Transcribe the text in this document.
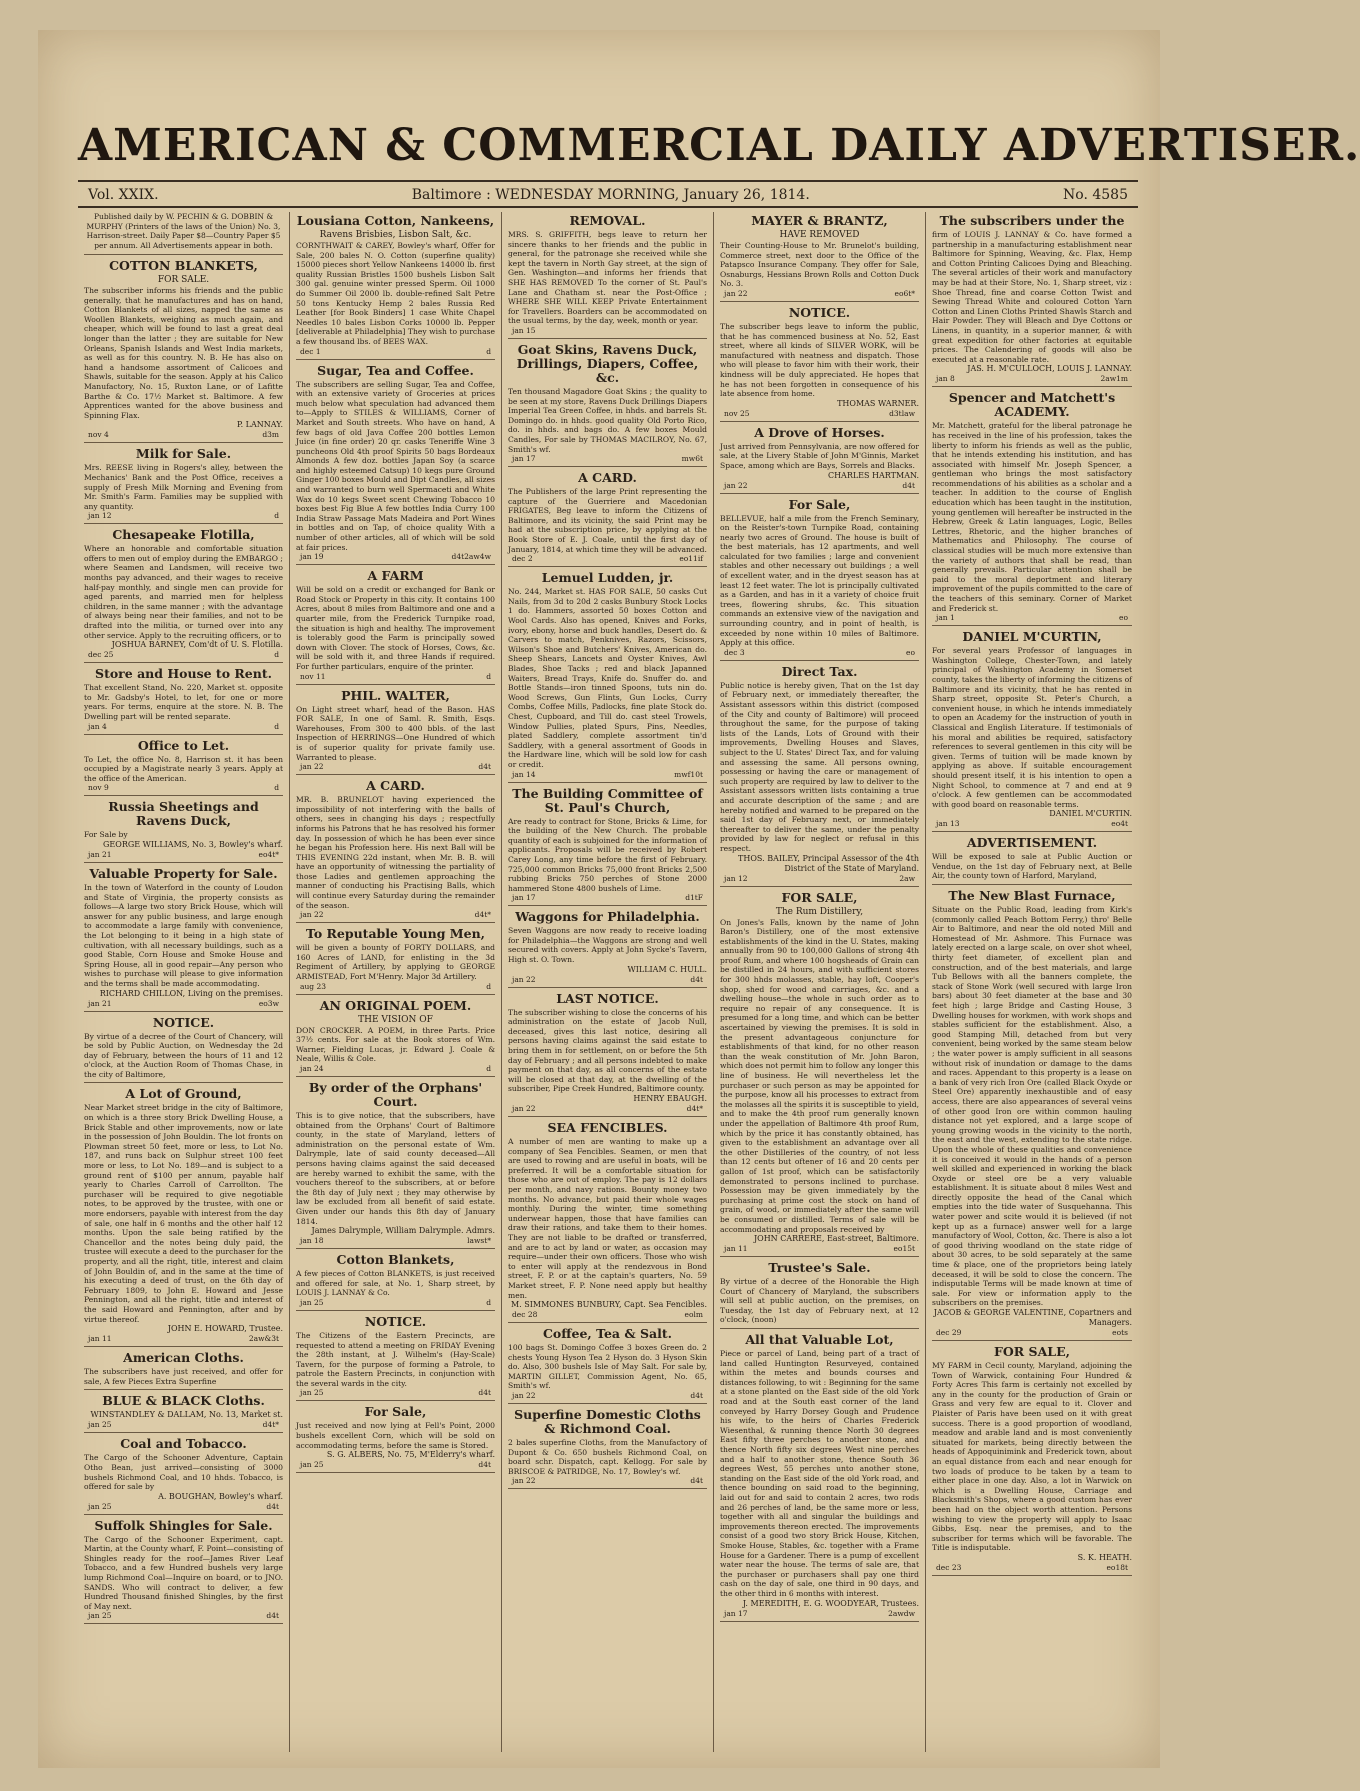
AMERICAN & COMMERCIAL DAILY ADVERTISER.
Vol. XXIX.	Baltimore : WEDNESDAY MORNING, January 26, 1814.	No. 4585
Published daily by W. PECHIN & G. DOBBIN & MURPHY (Printers of the laws of the Union) No. 3, Harrison-street. Daily Paper $8—Country Paper $5 per annum. All Advertisements appear in both.
COTTON BLANKETS,
FOR SALE.
The subscriber informs his friends and the public generally, that he manufactures and has on hand, Cotton Blankets of all sizes, napped the same as Woollen Blankets, weighing as much again, and cheaper, which will be found to last a great deal longer than the latter ; they are suitable for New Orleans, Spanish Islands and West India markets, as well as for this country. N. B. He has also on hand a handsome assortment of Calicoes and Shawls, suitable for the season. Apply at his Calico Manufactory, No. 15, Ruxton Lane, or of Lafitte Barthe & Co. 17½ Market st. Baltimore. A few Apprentices wanted for the above business and Spinning Flax.
P. LANNAY.
nov 4	d3m
Milk for Sale.
Mrs. REESE living in Rogers's alley, between the Mechanics' Bank and the Post Office, receives a supply of Fresh Milk Morning and Evening from Mr. Smith's Farm. Families may be supplied with any quantity.
jan 12	d
Chesapeake Flotilla,
Where an honorable and comfortable situation offers to men out of employ during the EMBARGO ; where Seamen and Landsmen, will receive two months pay advanced, and their wages to receive half-pay monthly, and single men can provide for aged parents, and married men for helpless children, in the same manner ; with the advantage of always being near their families, and not to be drafted into the militia, or turned over into any other service. Apply to the recruiting officers, or to
JOSHUA BARNEY, Com'dt of U. S. Flotilla.
dec 25	d
Store and House to Rent.
That excellent Stand, No. 220, Market st. opposite to Mr. Gadsby's Hotel, to let, for one or more years. For terms, enquire at the store. N. B. The Dwelling part will be rented separate.
jan 4	d
Office to Let.
To Let, the office No. 8, Harrison st. it has been occupied by a Magistrate nearly 3 years. Apply at the office of the American.
nov 9	d
Russia Sheetings and Ravens Duck,
For Sale by
GEORGE WILLIAMS, No. 3, Bowley's wharf.
jan 21	eo4t*
Valuable Property for Sale.
In the town of Waterford in the county of Loudon and State of Virginia, the property consists as follows—A large two story Brick House, which will answer for any public business, and large enough to accommodate a large family with convenience, the Lot belonging to it being in a high state of cultivation, with all necessary buildings, such as a good Stable, Corn House and Smoke House and Spring House, all in good repair—Any person who wishes to purchase will please to give information and the terms shall be made accommodating.
RICHARD CHILLON, Living on the premises.
jan 21	eo3w
NOTICE.
By virtue of a decree of the Court of Chancery, will be sold by Public Auction, on Wednesday the 2d day of February, between the hours of 11 and 12 o'clock, at the Auction Room of Thomas Chase, in the city of Baltimore,
A Lot of Ground,
Near Market street bridge in the city of Baltimore, on which is a three story Brick Dwelling House, a Brick Stable and other improvements, now or late in the possession of John Bouldin. The lot fronts on Plowman street 50 feet, more or less, to Lot No. 187, and runs back on Sulphur street 100 feet more or less, to Lot No. 189—and is subject to a ground rent of $100 per annum, payable half yearly to Charles Carroll of Carrollton. The purchaser will be required to give negotiable notes, to be approved by the trustee, with one or more endorsers, payable with interest from the day of sale, one half in 6 months and the other half 12 months. Upon the sale being ratified by the Chancellor and the notes being duly paid, the trustee will execute a deed to the purchaser for the property, and all the right, title, interest and claim of John Bouldin of, and in the same at the time of his executing a deed of trust, on the 6th day of February 1809, to John E. Howard and Jesse Pennington, and all the right, title and interest of the said Howard and Pennington, after and by virtue thereof.
JOHN E. HOWARD, Trustee.
jan 11	2aw&3t
American Cloths.
The subscribers have just received, and offer for sale, A few Pieces Extra Superfine
BLUE & BLACK Cloths.
WINSTANDLEY & DALLAM, No. 13, Market st.
jan 25	d4t*
Coal and Tobacco.
The Cargo of the Schooner Adventure, Captain Otho Bean, just arrived—consisting of 3000 bushels Richmond Coal, and 10 hhds. Tobacco, is offered for sale by
A. BOUGHAN, Bowley's wharf.
jan 25	d4t
Suffolk Shingles for Sale.
The Cargo of the Schooner Experiment, capt. Martin, at the County wharf, F. Point—consisting of Shingles ready for the roof—James River Leaf Tobacco, and a few Hundred bushels very large lump Richmond Coal—Inquire on board, or to JNO. SANDS. Who will contract to deliver, a few Hundred Thousand finished Shingles, by the first of May next.
jan 25	d4t
Lousiana Cotton, Nankeens,
Ravens Brisbies, Lisbon Salt, &c.
CORNTHWAIT & CAREY, Bowley's wharf, Offer for Sale, 200 bales N. O. Cotton (superfine quality) 15000 pieces short Yellow Nankeens 14000 lb. first quality Russian Bristles 1500 bushels Lisbon Salt 300 gal. genuine winter pressed Sperm. Oil 1000 do Summer Oil 2000 lb. double-refined Salt Petre 50 tons Kentucky Hemp 2 bales Russia Red Leather [for Book Binders] 1 case White Chapel Needles 10 bales Lisbon Corks 10000 lb. Pepper [deliverable at Philadelphia] They wish to purchase a few thousand lbs. of BEES WAX.
dec 1	d
Sugar, Tea and Coffee.
The subscribers are selling Sugar, Tea and Coffee, with an extensive variety of Groceries at prices much below what speculation had advanced them to—Apply to STILES & WILLIAMS, Corner of Market and South streets. Who have on hand, A few bags of old Java Coffee 200 bottles Lemon Juice (in fine order) 20 qr. casks Teneriffe Wine 3 puncheons Old 4th proof Spirits 50 bags Bordeaux Almonds A few doz. bottles Japan Soy (a scarce and highly esteemed Catsup) 10 kegs pure Ground Ginger 100 boxes Mould and Dipt Candles, all sizes and warranted to burn well Spermaceti and White Wax do 10 kegs Sweet scent Chewing Tobacco 10 boxes best Fig Blue A few bottles India Curry 100 India Straw Passage Mats Madeira and Port Wines in bottles and on Tap, of choice quality With a number of other articles, all of which will be sold at fair prices.
jan 19	d4t2aw4w
A FARM
Will be sold on a credit or exchanged for Bank or Road Stock or Property in this city. It contains 100 Acres, about 8 miles from Baltimore and one and a quarter mile, from the Frederick Turnpike road, the situation is high and healthy. The improvement is tolerably good the Farm is principally sowed down with Clover. The stock of Horses, Cows, &c. will be sold with it, and three Hands if required. For further particulars, enquire of the printer.
nov 11	d
PHIL. WALTER,
On Light street wharf, head of the Bason. HAS FOR SALE, In one of Saml. R. Smith, Esqs. Warehouses, From 300 to 400 bbls. of the last Inspection of HERRINGS—One Hundred of which is of superior quality for private family use. Warranted to please.
jan 22	d4t
A CARD.
MR. B. BRUNELOT having experienced the impossibility of not interfering with the balls of others, sees in changing his days ; respectfully informs his Patrons that he has resolved his former day. In possession of which he has been ever since he began his Profession here. His next Ball will be THIS EVENING 22d instant, when Mr. B. B. will have an opportunity of witnessing the partiality of those Ladies and gentlemen approaching the manner of conducting his Practising Balls, which will continue every Saturday during the remainder of the season.
jan 22	d4t*
To Reputable Young Men,
will be given a bounty of FORTY DOLLARS, and 160 Acres of LAND, for enlisting in the 3d Regiment of Artillery, by applying to GEORGE ARMISTEAD, Fort M'Henry. Major 3d Artillery.
aug 23	d
AN ORIGINAL POEM.
THE VISION OF
DON CROCKER. A POEM, in three Parts. Price 37½ cents. For sale at the Book stores of Wm. Warner, Fielding Lucas, jr. Edward J. Coale & Neale, Willis & Cole.
jan 24	d
By order of the Orphans' Court.
This is to give notice, that the subscribers, have obtained from the Orphans' Court of Baltimore county, in the state of Maryland, letters of administration on the personal estate of Wm. Dalrymple, late of said county deceased—All persons having claims against the said deceased are hereby warned to exhibit the same, with the vouchers thereof to the subscribers, at or before the 8th day of July next ; they may otherwise by law be excluded from all benefit of said estate. Given under our hands this 8th day of January 1814.
James Dalrymple, William Dalrymple. Admrs.
jan 18	lawst*
Cotton Blankets,
A few pieces of Cotton BLANKETS, is just received and offered for sale, at No. 1, Sharp street, by LOUIS J. LANNAY & Co.
jan 25	d
NOTICE.
The Citizens of the Eastern Precincts, are requested to attend a meeting on FRIDAY Evening the 28th instant, at J. Wilhelm's (Hay-Scale) Tavern, for the purpose of forming a Patrole, to patrole the Eastern Precincts, in conjunction with the several wards in the city.
jan 25	d4t
For Sale,
Just received and now lying at Fell's Point, 2000 bushels excellent Corn, which will be sold on accommodating terms, before the same is Stored.
S. G. ALBERS, No. 75, M'Elderry's wharf.
jan 25	d4t
REMOVAL.
MRS. S. GRIFFITH, begs leave to return her sincere thanks to her friends and the public in general, for the patronage she received while she kept the tavern in North Gay street, at the sign of Gen. Washington—and informs her friends that SHE HAS REMOVED To the corner of St. Paul's Lane and Chatham st. near the Post-Office ; WHERE SHE WILL KEEP Private Entertainment for Travellers. Boarders can be accommodated on the usual terms, by the day, week, month or year.
jan 15
Goat Skins, Ravens Duck, Drillings, Diapers, Coffee, &c.
Ten thousand Magadore Goat Skins ; the quality to be seen at my store, Ravens Duck Drillings Diapers Imperial Tea Green Coffee, in hhds. and barrels St. Domingo do. in hhds. good quality Old Porto Rico, do. in hhds. and bags do. A few boxes Mould Candles, For sale by THOMAS MACILROY, No. 67, Smith's wf.
jan 17	mw6t
A CARD.
The Publishers of the large Print representing the capture of the Guerriere and Macedonian FRIGATES, Beg leave to inform the Citizens of Baltimore, and its vicinity, the said Print may be had at the subscription price, by applying at the Book Store of E. J. Coale, until the first day of January, 1814, at which time they will be advanced.
dec 2	eo11if
Lemuel Ludden, jr.
No. 244, Market st. HAS FOR SALE, 50 casks Cut Nails, from 3d to 20d 2 casks Bunbury Stock Locks 1 do. Hammers, assorted 50 boxes Cotton and Wool Cards. Also has opened, Knives and Forks, ivory, ebony, horse and buck handles, Desert do. & Carvers to match, Penknives, Razors, Scissors, Wilson's Shoe and Butchers' Knives, American do. Sheep Shears, Lancets and Oyster Knives, Awl Blades, Shoe Tacks ; red and black Japanned Waiters, Bread Trays, Knife do. Snuffer do. and Bottle Stands—iron tinned Spoons, tuts nin do. Wood Screws, Gun Flints, Gun Locks, Curry Combs, Coffee Mills, Padlocks, fine plate Stock do. Chest, Cupboard, and Till do. cast steel Trowels, Window Pullies, plated Spurs, Pins, Needles, plated Saddlery, complete assortment tin'd Saddlery, with a general assortment of Goods in the Hardware line, which will be sold low for cash or credit.
jan 14	mwf10t
The Building Committee of St. Paul's Church,
Are ready to contract for Stone, Bricks & Lime, for the building of the New Church. The probable quantity of each is subjoined for the information of applicants. Proposals will be received by Robert Carey Long, any time before the first of February. 725,000 common Bricks 75,000 front Bricks 2,500 rubbing Bricks 750 perches of Stone 2000 hammered Stone 4800 bushels of Lime.
jan 17	d1tF
Waggons for Philadelphia.
Seven Waggons are now ready to receive loading for Philadelphia—the Waggons are strong and well secured with covers. Apply at John Sycke's Tavern, High st. O. Town.
WILLIAM C. HULL.
jan 22	d4t
LAST NOTICE.
The subscriber wishing to close the concerns of his administration on the estate of Jacob Null, deceased, gives this last notice, desiring all persons having claims against the said estate to bring them in for settlement, on or before the 5th day of February ; and all persons indebted to make payment on that day, as all concerns of the estate will be closed at that day, at the dwelling of the subscriber, Pipe Creek Hundred, Baltimore county.
HENRY EBAUGH.
jan 22	d4t*
SEA FENCIBLES.
A number of men are wanting to make up a company of Sea Fencibles. Seamen, or men that are used to rowing and are useful in boats, will be preferred. It will be a comfortable situation for those who are out of employ. The pay is 12 dollars per month, and navy rations. Bounty money two months. No advance, but paid their whole wages monthly. During the winter, time something underwear happen, those that have families can draw their rations, and take them to their homes. They are not liable to be drafted or transferred, and are to act by land or water, as occasion may require—under their own officers. Those who wish to enter will apply at the rendezvous in Bond street, F. P. or at the captain's quarters, No. 59 Market street, F. P. None need apply but healthy men.
M. SIMMONES BUNBURY, Capt. Sea Fencibles.
dec 28	eolm
Coffee, Tea & Salt.
100 bags St. Domingo Coffee 3 boxes Green do. 2 chests Young Hyson Tea 2 Hyson do. 3 Hyson Skin do. Also, 300 bushels Isle of May Salt. For sale by, MARTIN GILLET, Commission Agent, No. 65, Smith's wf.
jan 22	d4t
Superfine Domestic Cloths & Richmond Coal.
2 bales superfine Cloths, from the Manufactory of Dupont & Co. 650 bushels Richmond Coal, on board schr. Dispatch, capt. Kellogg. For sale by BRISCOE & PATRIDGE, No. 17, Bowley's wf.
jan 22	d4t
MAYER & BRANTZ,
HAVE REMOVED
Their Counting-House to Mr. Brunelot's building, Commerce street, next door to the Office of the Patapsco Insurance Company. They offer for Sale, Osnaburgs, Hessians Brown Rolls and Cotton Duck No. 3.
jan 22	eo6t*
NOTICE.
The subscriber begs leave to inform the public, that he has commenced business at No. 52, East street, where all kinds of SILVER WORK, will be manufactured with neatness and dispatch. Those who will please to favor him with their work, their kindness will be duly appreciated. He hopes that he has not been forgotten in consequence of his late absence from home.
THOMAS WARNER.
nov 25	d3tlaw
A Drove of Horses.
Just arrived from Pennsylvania, are now offered for sale, at the Livery Stable of John M'Ginnis, Market Space, among which are Bays, Sorrels and Blacks.
CHARLES HARTMAN.
jan 22	d4t
For Sale,
BELLEVUE, half a mile from the French Seminary, on the Reister's-town Turnpike Road, containing nearly two acres of Ground. The house is built of the best materials, has 12 apartments, and well calculated for two families ; large and convenient stables and other necessary out buildings ; a well of excellent water, and in the dryest season has at least 12 feet water. The lot is principally cultivated as a Garden, and has in it a variety of choice fruit trees, flowering shrubs, &c. This situation commands an extensive view of the navigation and surrounding country, and in point of health, is exceeded by none within 10 miles of Baltimore. Apply at this office.
dec 3	eo
Direct Tax.
Public notice is hereby given, That on the 1st day of February next, or immediately thereafter, the Assistant assessors within this district (composed of the City and county of Baltimore) will proceed throughout the same, for the purpose of taking lists of the Lands, Lots of Ground with their improvements, Dwelling Houses and Slaves, subject to the U. States' Direct Tax, and for valuing and assessing the same. All persons owning, possessing or having the care or management of such property are required by law to deliver to the Assistant assessors written lists containing a true and accurate description of the same ; and are hereby notified and warned to be prepared on the said 1st day of February next, or immediately thereafter to deliver the same, under the penalty provided by law for neglect or refusal in this respect.
THOS. BAILEY, Principal Assessor of the 4th District of the State of Maryland.
jan 12	2aw
FOR SALE,
The Rum Distillery,
On Jones's Falls, known by the name of John Baron's Distillery, one of the most extensive establishments of the kind in the U. States, making annually from 90 to 100,000 Gallons of strong 4th proof Rum, and where 100 hogsheads of Grain can be distilled in 24 hours, and with sufficient stores for 300 hhds molasses, stable, hay loft, Cooper's shop, shed for wood and carriages, &c. and a dwelling house—the whole in such order as to require no repair of any consequence. It is presumed for a long time, and which can be better ascertained by viewing the premises. It is sold in the present advantageous conjuncture for establishments of that kind, for no other reason than the weak constitution of Mr. John Baron, which does not permit him to follow any longer this line of business. He will nevertheless let the purchaser or such person as may be appointed for the purpose, know all his processes to extract from the molasses all the spirits it is susceptible to yield, and to make the 4th proof rum generally known under the appellation of Baltimore 4th proof Rum, which by the price it has constantly obtained, has given to the establishment an advantage over all the other Distilleries of the country, of not less than 12 cents but oftener of 16 and 20 cents per gallon of 1st proof, which can be satisfactorily demonstrated to persons inclined to purchase. Possession may be given immediately by the purchasing at prime cost the stock on hand of grain, of wood, or immediately after the same will be consumed or distilled. Terms of sale will be accommodating and proposals received by
JOHN CARRERE, East-street, Baltimore.
jan 11	eo15t
Trustee's Sale.
By virtue of a decree of the Honorable the High Court of Chancery of Maryland, the subscribers will sell at public auction, on the premises, on Tuesday, the 1st day of February next, at 12 o'clock, (noon)
All that Valuable Lot,
Piece or parcel of Land, being part of a tract of land called Huntington Resurveyed, contained within the metes and bounds courses and distances following, to wit : Beginning for the same at a stone planted on the East side of the old York road and at the South east corner of the land conveyed by Harry Dorsey Gough and Prudence his wife, to the heirs of Charles Frederick Wiesenthal, & running thence North 30 degrees East fifty three perches to another stone, and thence North fifty six degrees West nine perches and a half to another stone, thence South 36 degrees West, 55 perches unto another stone, standing on the East side of the old York road, and thence bounding on said road to the beginning, laid out for and said to contain 2 acres, two rods and 26 perches of land, be the same more or less, together with all and singular the buildings and improvements thereon erected. The improvements consist of a good two story Brick House, Kitchen, Smoke House, Stables, &c. together with a Frame House for a Gardener. There is a pump of excellent water near the house. The terms of sale are, that the purchaser or purchasers shall pay one third cash on the day of sale, one third in 90 days, and the other third in 6 months with interest.
J. MEREDITH, E. G. WOODYEAR, Trustees.
jan 17	2awdw
The subscribers under the
firm of LOUIS J. LANNAY & Co. have formed a partnership in a manufacturing establishment near Baltimore for Spinning, Weaving, &c. Flax, Hemp and Cotton Printing Calicoes Dying and Bleaching. The several articles of their work and manufactory may be had at their Store, No. 1, Sharp street, viz : Shoe Thread, fine and coarse Cotton Twist and Sewing Thread White and coloured Cotton Yarn Cotton and Linen Cloths Printed Shawls Starch and Hair Powder. They will Bleach and Dye Cottons or Linens, in quantity, in a superior manner, & with great expedition for other factories at equitable prices. The Calendering of goods will also be executed at a reasonable rate.
JAS. H. M'CULLOCH, LOUIS J. LANNAY.
jan 8	2aw1m
Spencer and Matchett's ACADEMY.
Mr. Matchett, grateful for the liberal patronage he has received in the line of his profession, takes the liberty to inform his friends as well as the public, that he intends extending his institution, and has associated with himself Mr. Joseph Spencer, a gentleman who brings the most satisfactory recommendations of his abilities as a scholar and a teacher. In addition to the course of English education which has been taught in the institution, young gentlemen will hereafter be instructed in the Hebrew, Greek & Latin languages, Logic, Belles Lettres, Rhetoric, and the higher branches of Mathematics and Philosophy. The course of classical studies will be much more extensive than the variety of authors that shall be read, than generally prevails. Particular attention shall be paid to the moral deportment and literary improvement of the pupils committed to the care of the teachers of this seminary. Corner of Market and Frederick st.
jan 1	eo
DANIEL M'CURTIN,
For several years Professor of languages in Washington College, Chester-Town, and lately principal of Washington Academy in Somerset county, takes the liberty of informing the citizens of Baltimore and its vicinity, that he has rented in Sharp street, opposite St. Peter's Church, a convenient house, in which he intends immediately to open an Academy for the instruction of youth in Classical and English Literature. If testimonials of his moral and abilities be required, satisfactory references to several gentlemen in this city will be given. Terms of tuition will be made known by applying as above. If suitable encouragement should present itself, it is his intention to open a Night School, to commence at 7 and end at 9 o'clock. A few gentlemen can be accommodated with good board on reasonable terms.
DANIEL M'CURTIN.
jan 13	eo4t
ADVERTISEMENT.
Will be exposed to sale at Public Auction or Vendue, on the 1st day of February next, at Belle Air, the county town of Harford, Maryland,
The New Blast Furnace,
Situate on the Public Road, leading from Kirk's (commonly called Peach Bottom Ferry,) thro' Belle Air to Baltimore, and near the old noted Mill and Homestead of Mr. Ashmore. This Furnace was lately erected on a large scale, on over shot wheel, thirty feet diameter, of excellent plan and construction, and of the best materials, and large Tub Bellows with all the banners complete, the stack of Stone Work (well secured with large Iron bars) about 30 feet diameter at the base and 30 feet high ; large Bridge and Casting House, 3 Dwelling houses for workmen, with work shops and stables sufficient for the establishment. Also, a good Stamping Mill, detached from but very convenient, being worked by the same steam below ; the water power is amply sufficient in all seasons without risk of inundation or damage to the dams and races. Appendant to this property is a lease on a bank of very rich Iron Ore (called Black Oxyde or Steel Ore) apparently inexhaustible and of easy access, there are also appearances of several veins of other good Iron ore within common hauling distance not yet explored, and a large scope of young growing woods in the vicinity to the north, the east and the west, extending to the state ridge. Upon the whole of these qualities and convenience it is conceived it would in the hands of a person well skilled and experienced in working the black Oxyde or steel ore be a very valuable establishment. It is situate about 8 miles West and directly opposite the head of the Canal which empties into the tide water of Susquehanna. This water power and scite would it is believed (if not kept up as a furnace) answer well for a large manufactory of Wool, Cotton, &c. There is also a lot of good thriving woodland on the state ridge of about 30 acres, to be sold separately at the same time & place, one of the proprietors being lately deceased, it will be sold to close the concern. The indisputable Terms will be made known at time of sale. For view or information apply to the subscribers on the premises.
JACOB & GEORGE VALENTINE, Copartners and Managers.
dec 29	eots
FOR SALE,
MY FARM in Cecil county, Maryland, adjoining the Town of Warwick, containing Four Hundred & Forty Acres This farm is certainly not excelled by any in the county for the production of Grain or Grass and very few are equal to it. Clover and Plaister of Paris have been used on it with great success. There is a good proportion of woodland, meadow and arable land and is most conveniently situated for markets, being directly between the heads of Appoquinimink and Frederick town, about an equal distance from each and near enough for two loads of produce to be taken by a team to either place in one day. Also, a lot in Warwick on which is a Dwelling House, Carriage and Blacksmith's Shops, where a good custom has ever been had on the object worth attention. Persons wishing to view the property will apply to Isaac Gibbs, Esq. near the premises, and to the subscriber for terms which will be favorable. The Title is indisputable.
S. K. HEATH.
dec 23	eo18t
